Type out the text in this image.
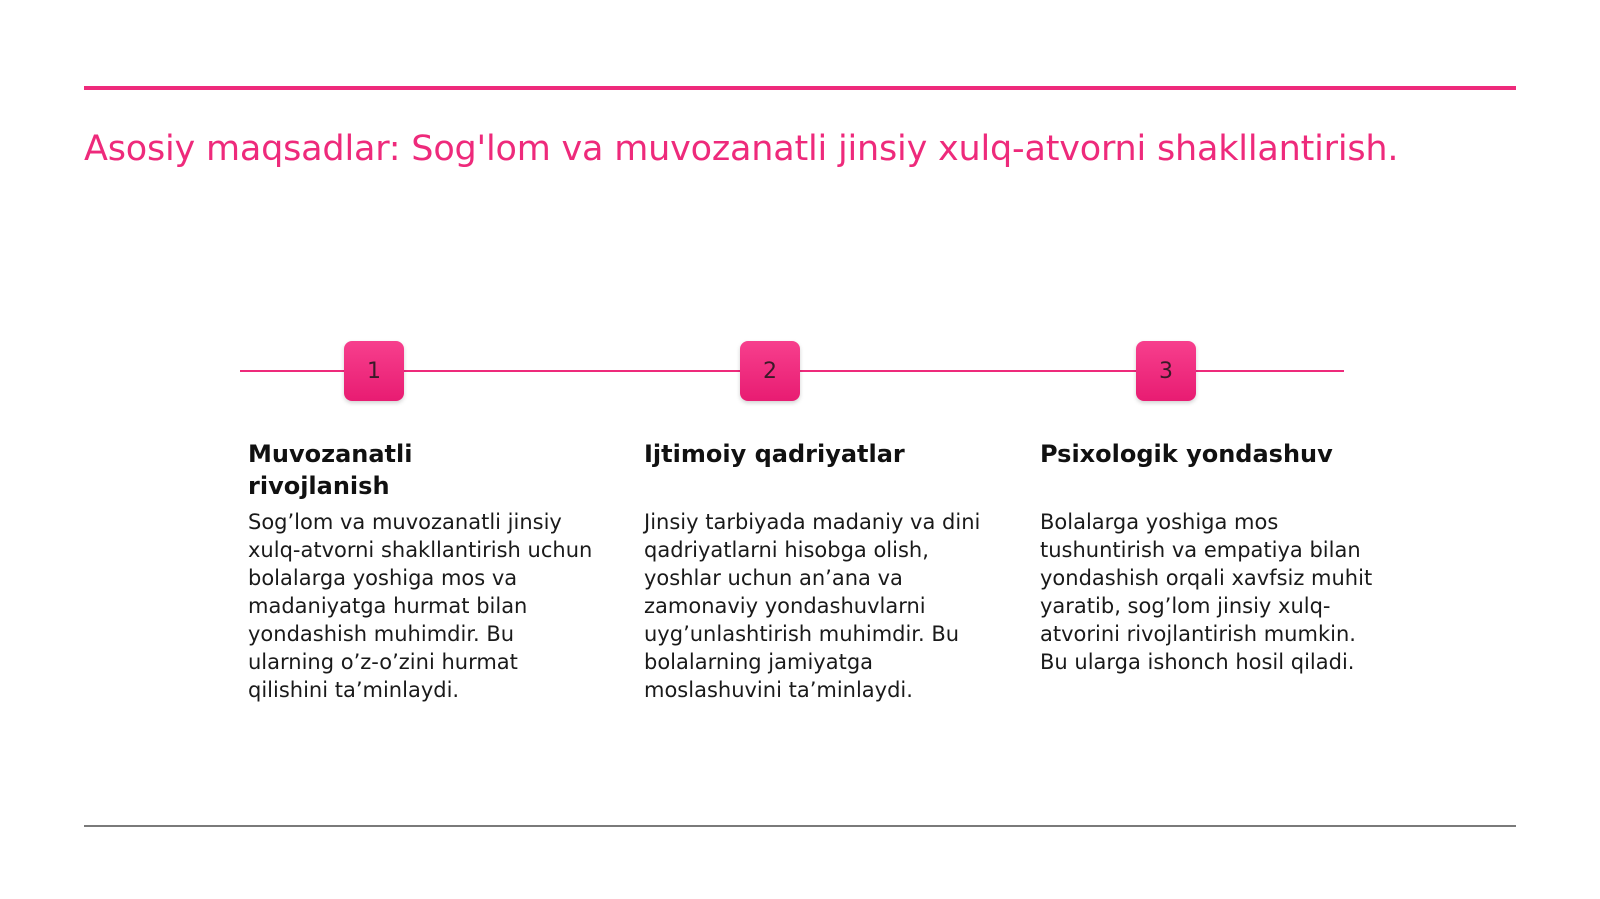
Asosiy maqsadlar: Sog'lom va muvozanatli jinsiy xulq-atvorni shakllantirish.
1	2	3
Muvozanatli rivojlanish

Sog’lom va muvozanatli jinsiy xulq-atvorni shakllantirish uchun bolalarga yoshiga mos va madaniyatga hurmat bilan yondashish muhimdir. Bu ularning o’z-o’zini hurmat qilishini ta’minlaydi.

Ijtimoiy qadriyatlar

Jinsiy tarbiyada madaniy va dini qadriyatlarni hisobga olish, yoshlar uchun an’ana va zamonaviy yondashuvlarni uyg’unlashtirish muhimdir. Bu bolalarning jamiyatga moslashuvini ta’minlaydi.

Psixologik yondashuv

Bolalarga yoshiga mos tushuntirish va empatiya bilan yondashish orqali xavfsiz muhit yaratib, sog’lom jinsiy xulq-atvorini rivojlantirish mumkin. Bu ularga ishonch hosil qiladi.
